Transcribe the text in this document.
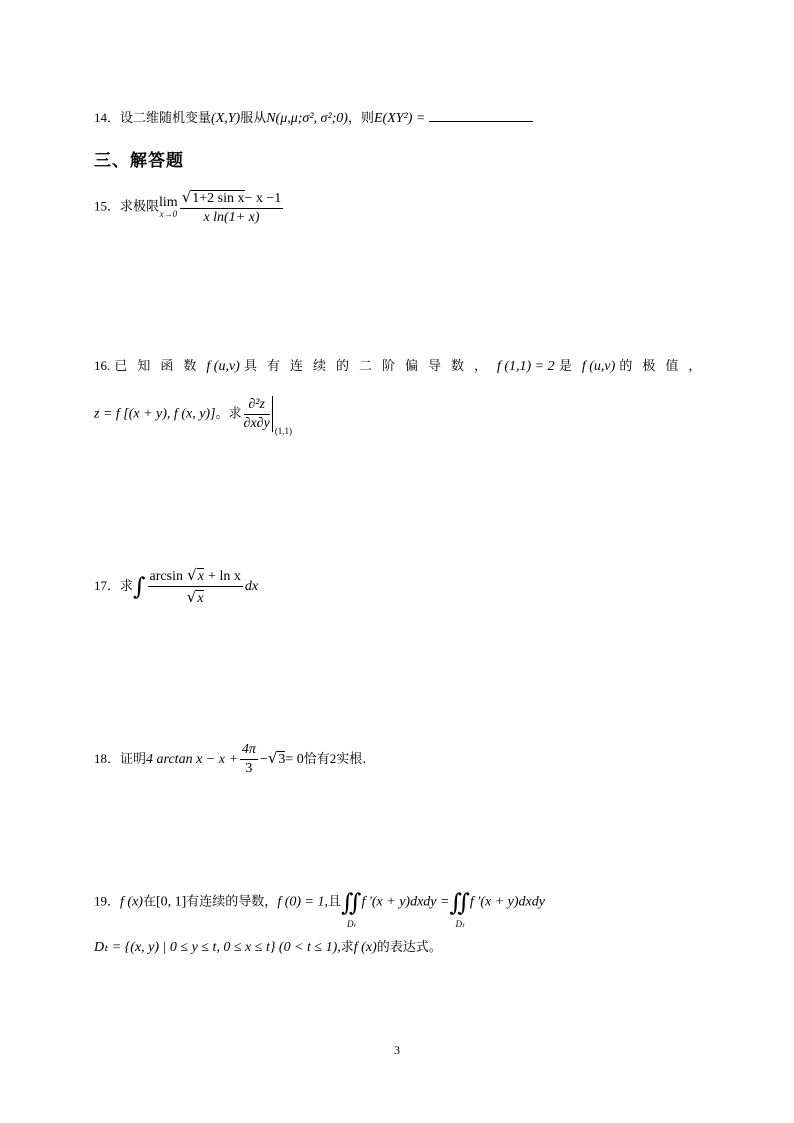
14．设二维随机变量(X,Y)服从N(μ,μ;σ², σ²;0)，则E(XY²) =
三、解答题
15．求极限lim
$x\to 0 \frac{\text{√1+2 sin x− x −1}}{\text{x ln(1+ x)}}$
16. 已知函数f (u,v) 具有连续的二阶偏导数，f (1,1) = 2 是f (u,v) 的极值，
z = f [(x + y), f (x, y)]。求 $\frac{\text{∂²z}}{\partial x\partial y} (1,1)$
17．求∫ $\frac{\text{arcsin √x + ln x}}{√x}$ dx
18．证明4 $\arctan x - x + \frac{4\pi}{3} -√3= 0$恰有2实根.
19．f (x)在[0, 1]有连续的导数，f (0) = 1,且∬
Dₜ
f ′(x + y)dxdy =∬
Dₜ
f ′(x + y)dxdy
Dₜ = {(x, y) | 0 ≤ y ≤ t, 0 ≤ x ≤ t} (0 < t ≤ 1),求f (x)的表达式。
3
